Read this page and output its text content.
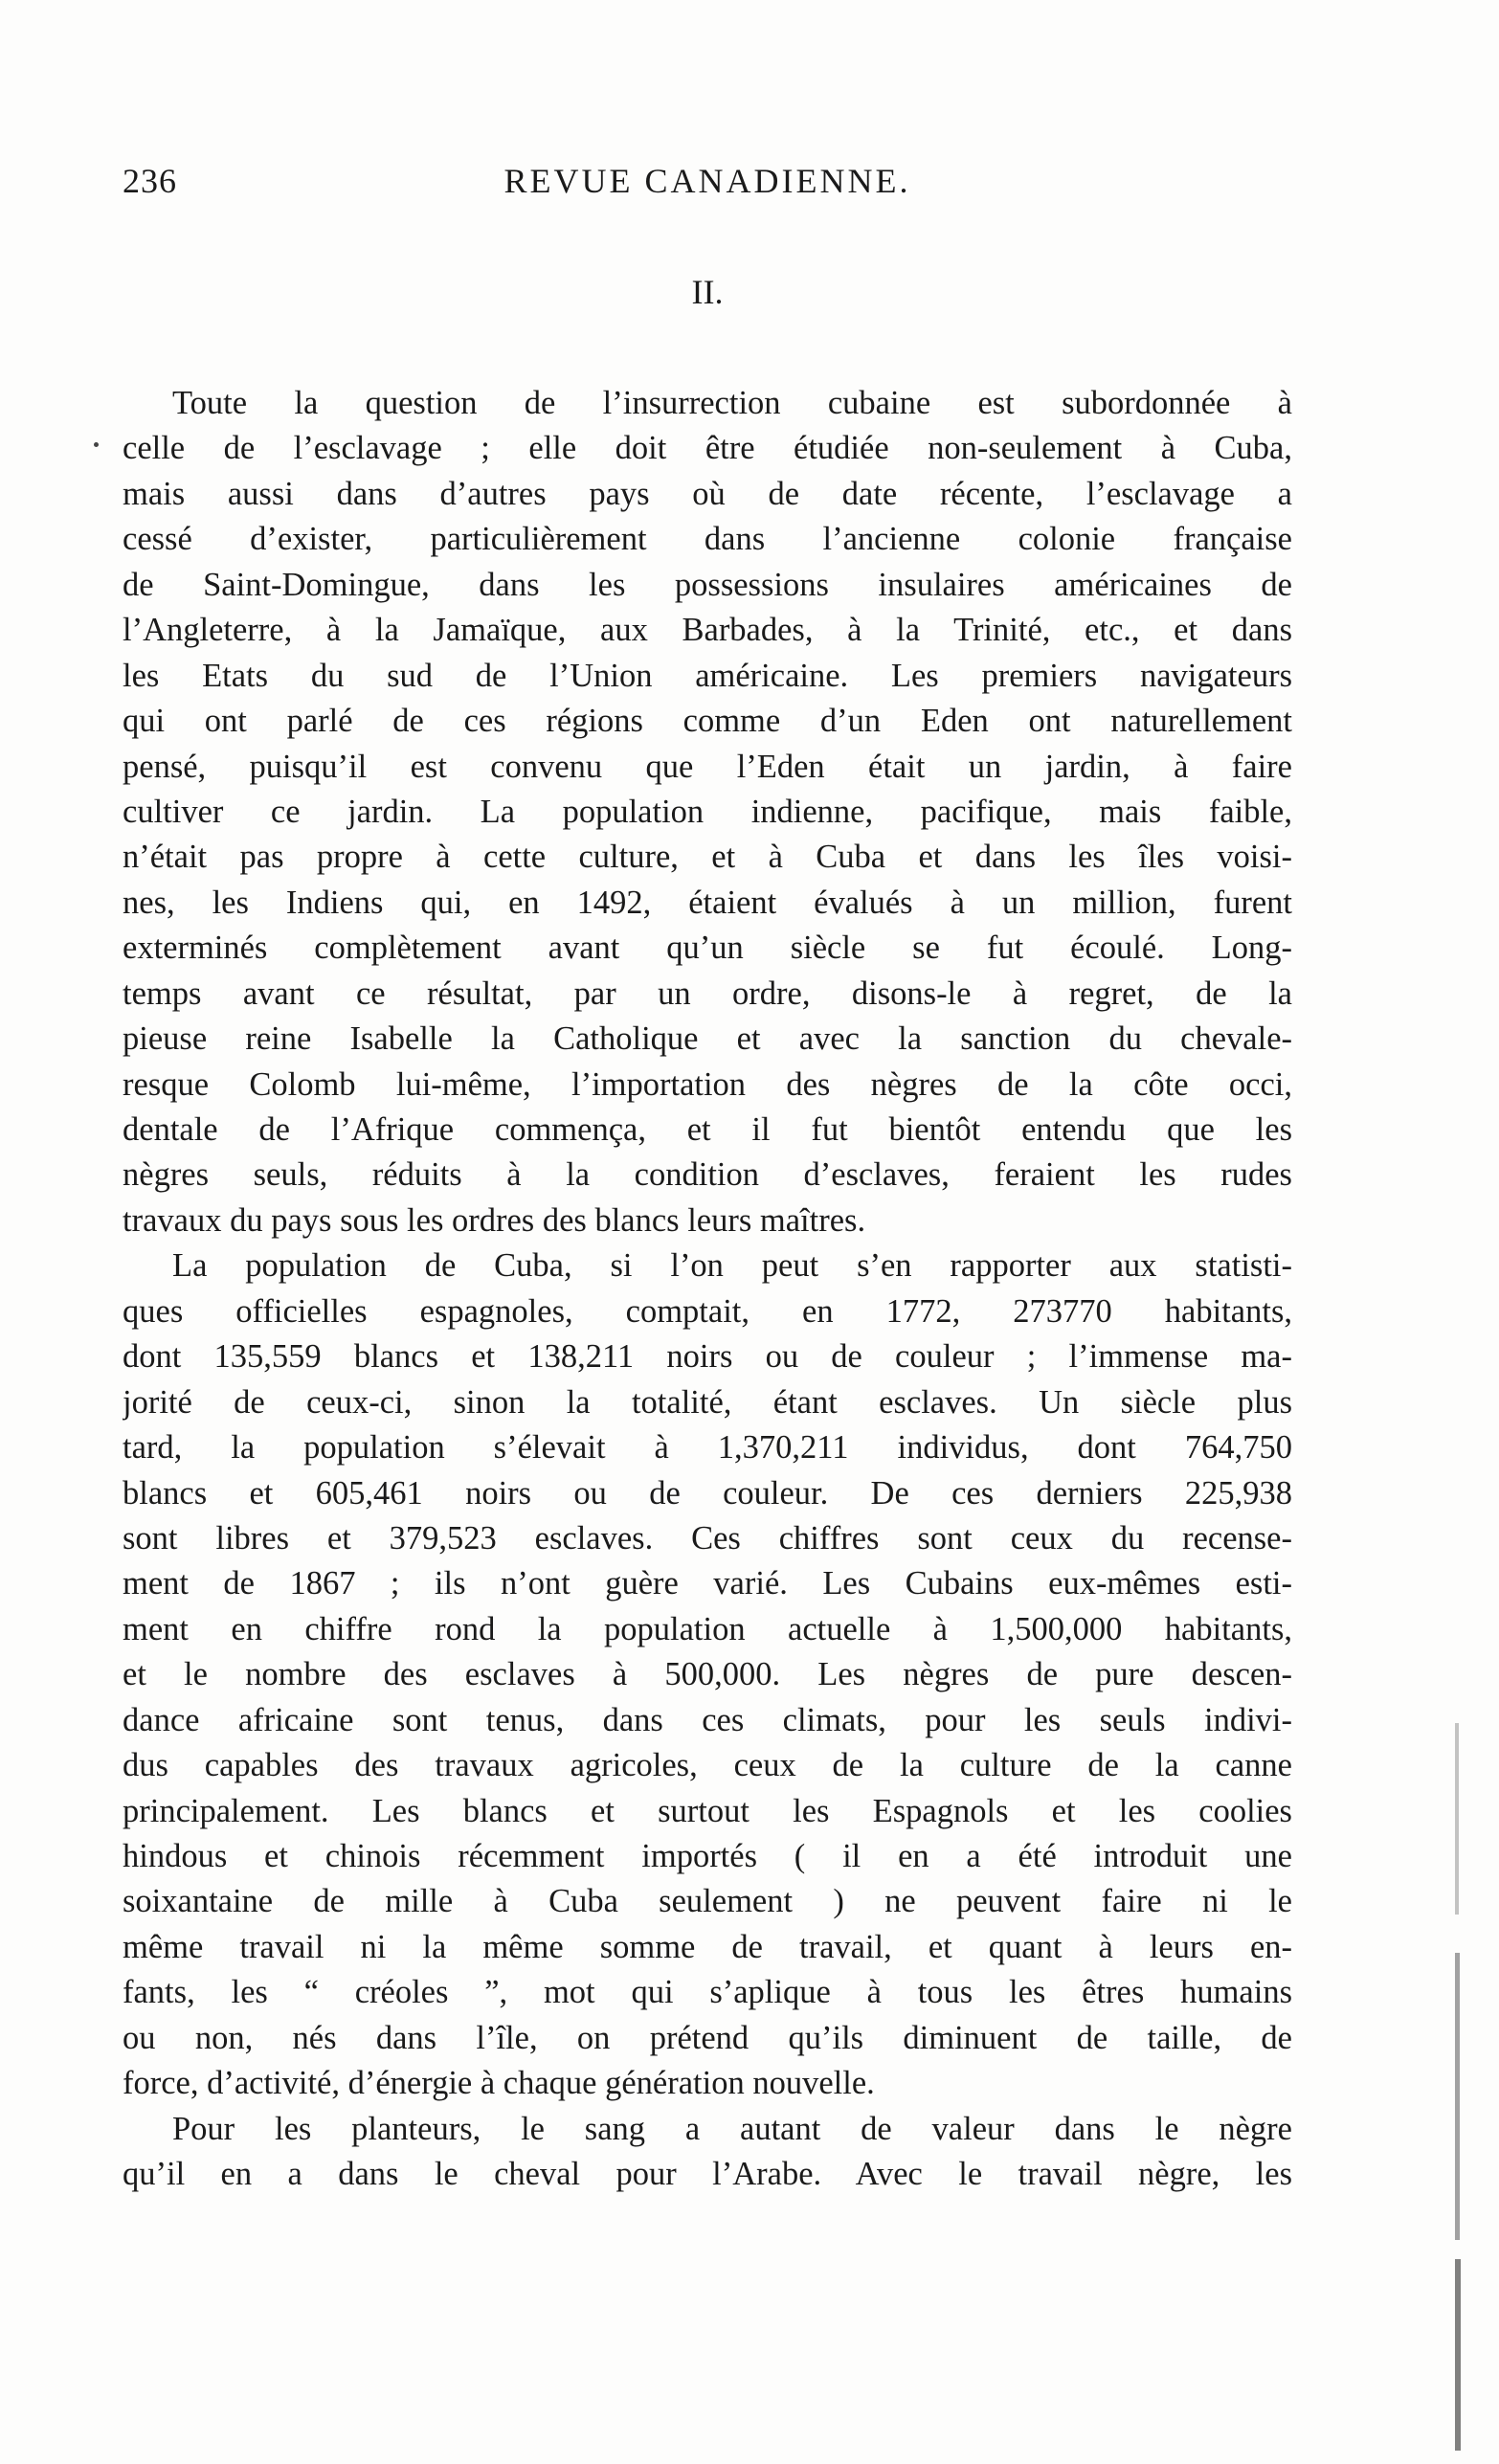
236	REVUE CANADIENNE.
II.
Toute la question de l’insurrection cubaine est subordonnée à
celle de l’esclavage ; elle doit être étudiée non-seulement à Cuba,
mais aussi dans d’autres pays où de date récente, l’esclavage a
cessé d’exister, particulièrement dans l’ancienne colonie française
de Saint-Domingue, dans les possessions insulaires américaines de
l’Angleterre, à la Jamaïque, aux Barbades, à la Trinité, etc., et dans
les Etats du sud de l’Union américaine. Les premiers navigateurs
qui ont parlé de ces régions comme d’un Eden ont naturellement
pensé, puisqu’il est convenu que l’Eden était un jardin, à faire
cultiver ce jardin. La population indienne, pacifique, mais faible,
n’était pas propre à cette culture, et à Cuba et dans les îles voisi-
nes, les Indiens qui, en 1492, étaient évalués à un million, furent
exterminés complètement avant qu’un siècle se fut écoulé. Long-
temps avant ce résultat, par un ordre, disons-le à regret, de la
pieuse reine Isabelle la Catholique et avec la sanction du chevale-
resque Colomb lui-même, l’importation des nègres de la côte occi,
dentale de l’Afrique commença, et il fut bientôt entendu que les
nègres seuls, réduits à la condition d’esclaves, feraient les rudes
travaux du pays sous les ordres des blancs leurs maîtres.
La population de Cuba, si l’on peut s’en rapporter aux statisti-
ques officielles espagnoles, comptait, en 1772, 273770 habitants,
dont 135,559 blancs et 138,211 noirs ou de couleur ; l’immense ma-
jorité de ceux-ci, sinon la totalité, étant esclaves. Un siècle plus
tard, la population s’élevait à 1,370,211 individus, dont 764,750
blancs et 605,461 noirs ou de couleur. De ces derniers 225,938
sont libres et 379,523 esclaves. Ces chiffres sont ceux du recense-
ment de 1867 ; ils n’ont guère varié. Les Cubains eux-mêmes esti-
ment en chiffre rond la population actuelle à 1,500,000 habitants,
et le nombre des esclaves à 500,000. Les nègres de pure descen-
dance africaine sont tenus, dans ces climats, pour les seuls indivi-
dus capables des travaux agricoles, ceux de la culture de la canne
principalement. Les blancs et surtout les Espagnols et les coolies
hindous et chinois récemment importés ( il en a été introduit une
soixantaine de mille à Cuba seulement ) ne peuvent faire ni le
même travail ni la même somme de travail, et quant à leurs en-
fants, les “ créoles ”, mot qui s’aplique à tous les êtres humains
ou non, nés dans l’île, on prétend qu’ils diminuent de taille, de
force, d’activité, d’énergie à chaque génération nouvelle.
Pour les planteurs, le sang a autant de valeur dans le nègre
qu’il en a dans le cheval pour l’Arabe. Avec le travail nègre, les
